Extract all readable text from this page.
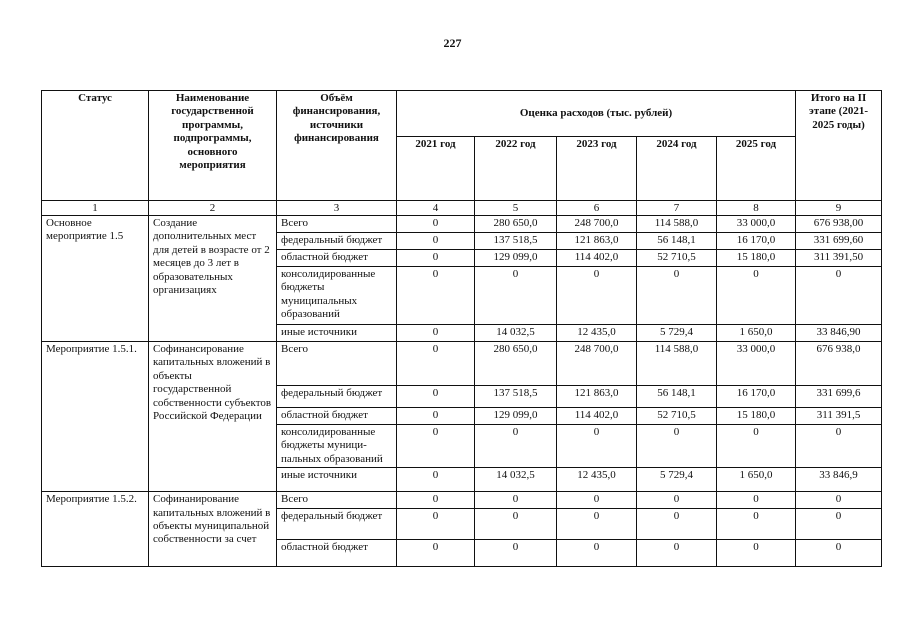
227
Статус	Наименование государственной программы, подпрограммы, основного мероприятия	Объём финансирования, источники финансирования	Оценка расходов (тыс. рублей)					Итого на II этапе (2021-2025 годы)
			2021 год	2022 год	2023 год	2024 год	2025 год	
1	2	3	4	5	6	7	8	9
Основное мероприятие 1.5	Создание дополнительных мест для детей в возрасте от 2 месяцев до 3 лет в образовательных организациях	Всего	0	280 650,0	248 700,0	114 588,0	33 000,0	676 938,00
		федеральный бюджет	0	137 518,5	121 863,0	56 148,1	16 170,0	331 699,60
		областной бюджет	0	129 099,0	114 402,0	52 710,5	15 180,0	311 391,50
		консолидированные бюджеты муниципальных образований	0	0	0	0	0	0
		иные источники	0	14 032,5	12 435,0	5 729,4	1 650,0	33 846,90
Мероприятие 1.5.1.	Софинансирование капитальных вложений в объекты государственной собственности субъектов Российской Федерации	Всего	0	280 650,0	248 700,0	114 588,0	33 000,0	676 938,0
		федеральный бюджет	0	137 518,5	121 863,0	56 148,1	16 170,0	331 699,6
		областной бюджет	0	129 099,0	114 402,0	52 710,5	15 180,0	311 391,5
		консолидированные бюджеты муници-пальных образований	0	0	0	0	0	0
		иные источники	0	14 032,5	12 435,0	5 729,4	1 650,0	33 846,9
Мероприятие 1.5.2.	Софинанирование капитальных вложений в объекты муниципальной собственности за счет	Всего	0	0	0	0	0	0
		федеральный бюджет	0	0	0	0	0	0
		областной бюджет	0	0	0	0	0	0
